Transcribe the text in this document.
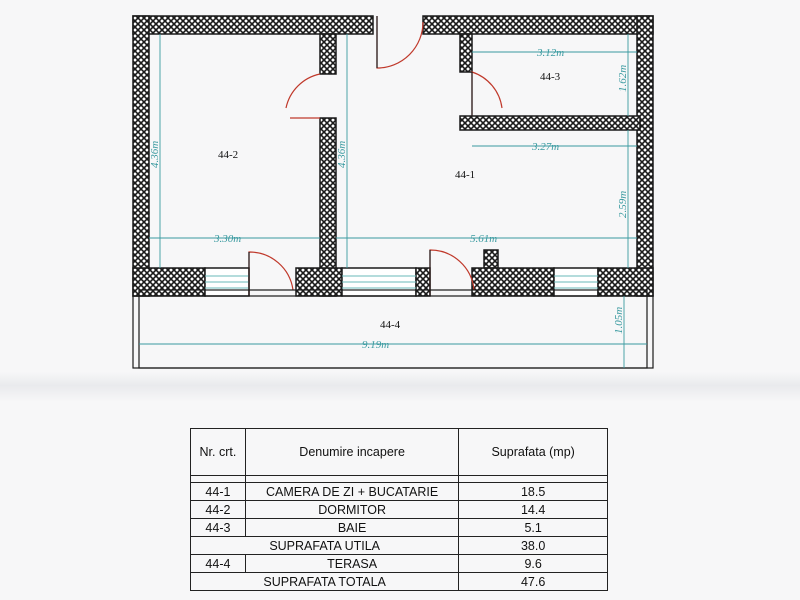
44-1
44-2
44-3
44-4
3.12m
1.62m
3.27m
2.59m
4.36m	4.36m
3.30m	5.61m
1.05m
9.19m
Nr. crt.	Denumire incapere	Suprafata (mp)

44-1	CAMERA DE ZI + BUCATARIE	18.5
44-2	DORMITOR	14.4
44-3	BAIE	5.1
SUPRAFATA UTILA		38.0
44-4	TERASA	9.6
SUPRAFATA TOTALA		47.6
